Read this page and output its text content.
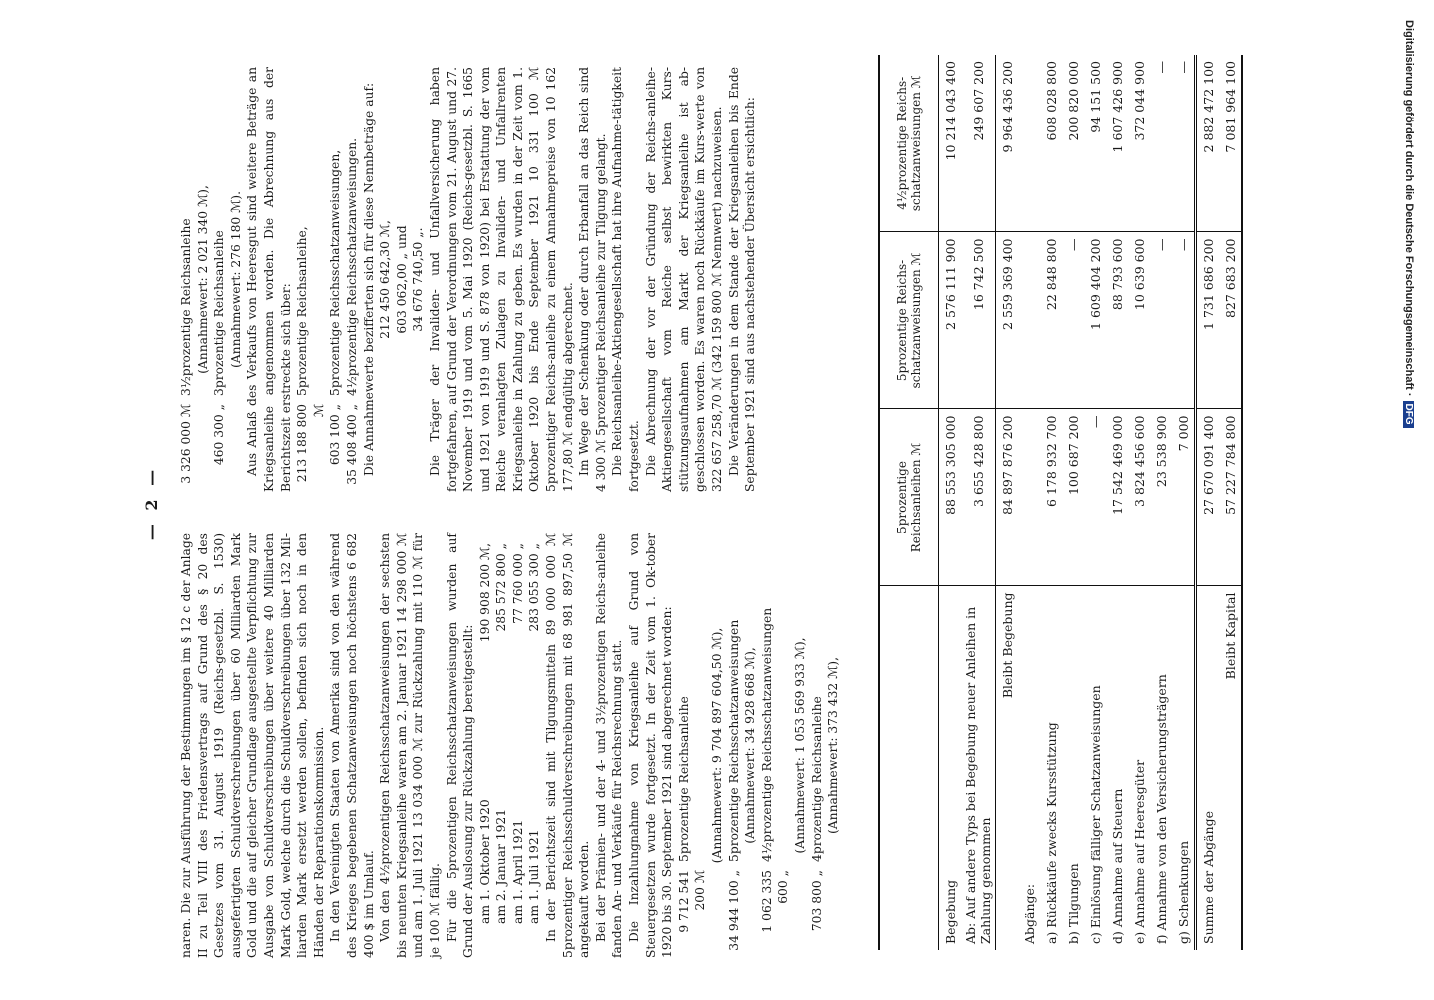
Digitalisierung gefördert durch die Deutsche Forschungsgemeinschaft ·DFG
— 2 —

naren. Die zur Ausführung der Bestimmungen im § 12 c der Anlage II zu Teil VIII des Friedensvertrags auf Grund des § 20 des Gesetzes vom 31. August 1919 (Reichs-gesetzbl. S. 1530) ausgefertigten Schuldverschreibungen über 60 Milliarden Mark Gold und die auf gleicher Grundlage ausgestellte Verpflichtung zur Ausgabe von Schuldverschreibungen über weitere 40 Milliarden Mark Gold, welche durch die Schuldverschreibungen über 132 Mil-liarden Mark ersetzt werden sollen, befinden sich noch in den Händen der Reparationskommission. In den Vereinigten Staaten von Amerika sind von den während des Krieges begebenen Schatzanweisungen noch höchstens 6 682 400 $ im Umlauf. Von den 4½prozentigen Reichsschatzanweisungen der sechsten bis neunten Kriegsanleihe waren am 2. Januar 1921 14 298 000 ℳ und am 1. Juli 1921 13 034 000 ℳ zur Rückzahlung mit 110 ℳ für je 100 ℳ fällig. Für die 5prozentigen Reichsschatzanweisungen wurden auf Grund der Auslosung zur Rückzahlung bereitgestellt: am 1. Oktober 1920
190 908 200 ℳ,
am 2. Januar 1921
285 572 800 „
am 1. April 1921
77 760 000 „
am 1. Juli 1921
283 055 300 „ In der Berichtszeit sind mit Tilgungsmitteln 89 000 000 ℳ 5prozentiger Reichsschuldverschreibungen mit 68 981 897,50 ℳ angekauft worden. Bei der Prämien- und der 4- und 3½prozentigen Reichs-anleihe fanden An- und Verkäufe für Reichsrechnung statt. Die Inzahlungnahme von Kriegsanleihe auf Grund von Steuergesetzen wurde fortgesetzt. In der Zeit vom 1. Ok-tober 1920 bis 30. September 1921 sind abgerechnet worden: 9 712 541 200 ℳ
5prozentige Reichsanleihe	(Annahmewert: 9 704 897 604,50 ℳ),
34 944 100 „
5prozentige Reichsschatzanweisungen (Annahmewert: 34 928 668 ℳ),
1 062 335 600 „
4½prozentige Reichsschatzanweisungen	(Annahmewert: 1 053 569 933 ℳ),
703 800 „
4prozentige Reichsanleihe (Annahmewert: 373 432 ℳ),
3 326 000 ℳ
3½prozentige Reichsanleihe (Annahmewert: 2 021 340 ℳ),
460 300 „
3prozentige Reichsanleihe (Annahmewert: 276 180 ℳ). Aus Anlaß des Verkaufs von Heeresgut sind weitere Beträge an Kriegsanleihe angenommen worden. Die Abrechnung aus der Berichtszeit erstreckte sich über: 213 188 800 ℳ
5prozentige Reichsanleihe,
603 100 „
5prozentige Reichsschatzanweisungen,
35 408 400 „
4½prozentige Reichsschatzanweisungen. Die Annahmewerte bezifferten sich für diese Nennbeträge auf: 212 450 642,30 ℳ, 603 062,00 „ und 34 676 740,50 „. Die Träger der Invaliden- und Unfallversicherung haben fortgefahren, auf Grund der Verordnungen vom 21. August und 27. November 1919 und vom 5. Mai 1920 (Reichs-gesetzbl. S. 1665 und 1921 von 1919 und S. 878 von 1920) bei Erstattung der vom Reiche veranlagten Zulagen zu Invaliden- und Unfallrenten Kriegsanleihe in Zahlung zu geben. Es wurden in der Zeit vom 1. Oktober 1920 bis Ende September 1921 10 331 100 ℳ 5prozentiger Reichs-anleihe zu einem Annahmepreise von 10 162 177,80 ℳ endgültig abgerechnet. Im Wege der Schenkung oder durch Erbanfall an das Reich sind 4 300 ℳ 5prozentiger Reichsanleihe zur Tilgung gelangt. Die Reichsanleihe-Aktiengesellschaft hat ihre Aufnahme-tätigkeit fortgesetzt. Die Abrechnung der vor der Gründung der Reichs-anleihe-Aktiengesellschaft vom Reiche selbst bewirkten Kurs-stützungsaufnahmen am Markt der Kriegsanleihe ist ab-geschlossen worden. Es waren noch Rückkäufe im Kurs-werte von 322 657 258,70 ℳ (342 159 800 ℳ Nennwert) nachzuweisen. Die Veränderungen in dem Stande der Kriegsanleihen bis Ende September 1921 sind aus nachstehender Übersicht ersichtlich:

	5prozentige Reichsanleihen ℳ	5prozentige Reichs-schatzanweisungen ℳ	4½prozentige Reichs-schatzanweisungen ℳ
Begebung	88 553 305 000	2 576 111 900	10 214 043 400
Ab: Auf andere Typs bei Begebung neuer Anleihen in Zahlung genommen	3 655 428 800	16 742 500	249 607 200

Bleibt Begebung	84 897 876 200	2 559 369 400	9 964 436 200
Abgänge:			
a) Rückkäufe zwecks Kursstützung	6 178 932 700	22 848 800	608 028 800
b) Tilgungen	100 687 200	—	200 820 000
c) Einlösung fälliger Schatzanweisungen	—	1 609 404 200	94 151 500
d) Annahme auf Steuern	17 542 469 000	88 793 600	1 607 426 900
e) Annahme auf Heeresgüter	3 824 456 600	10 639 600	372 044 900
f) Annahme von den Versicherungsträgern	23 538 900	—	—
g) Schenkungen	7 000	—	—
Summe der Abgänge	27 670 091 400	1 731 686 200	2 882 472 100

Bleibt Kapital	57 227 784 800	827 683 200	7 081 964 100
